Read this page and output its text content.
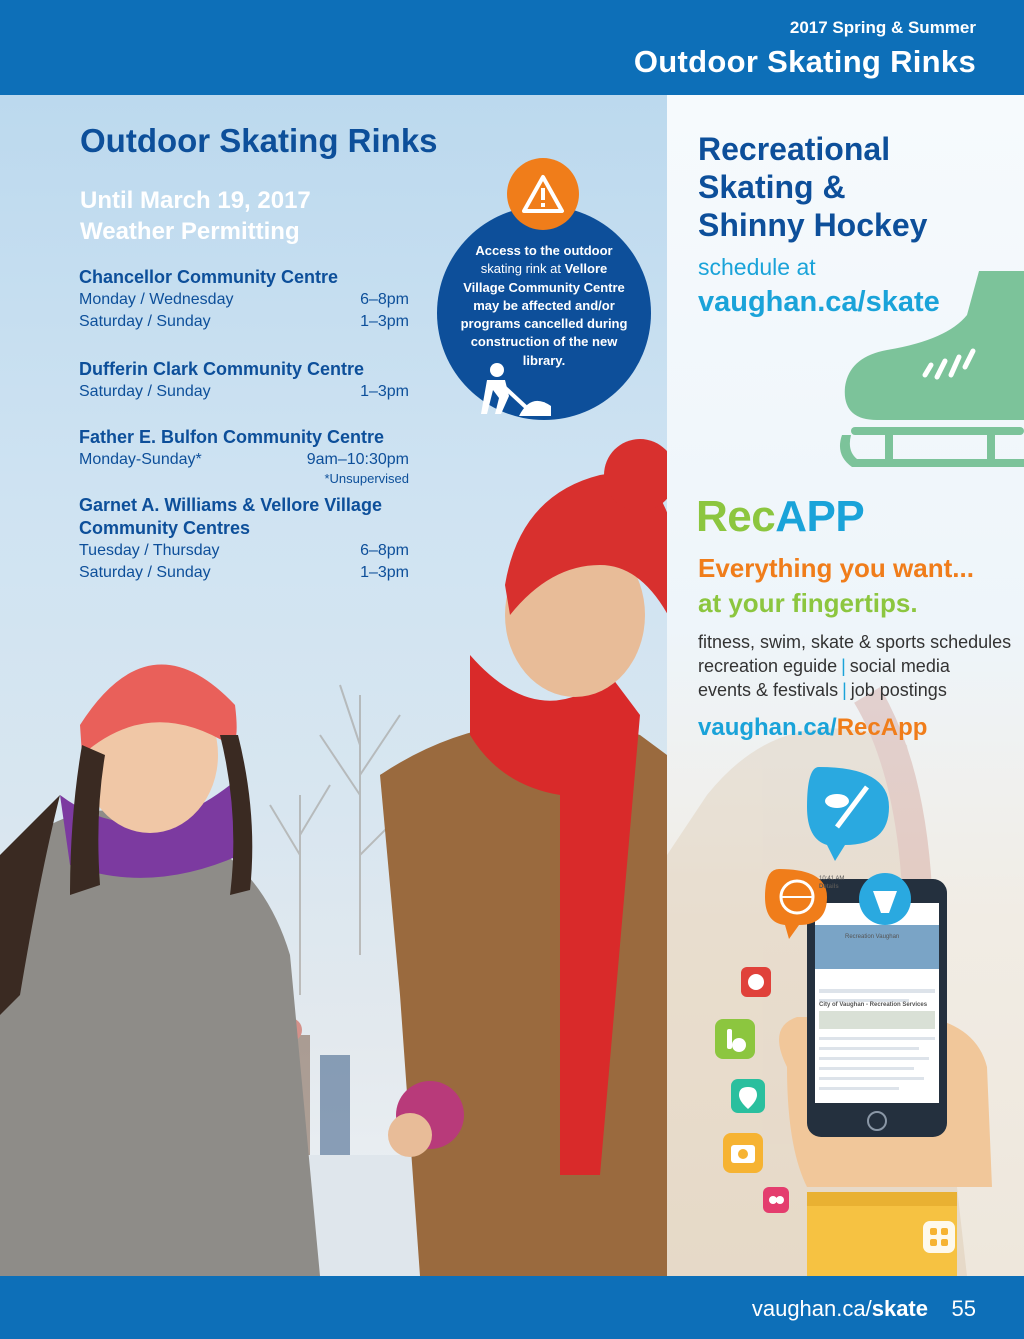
2017 Spring & Summer
Outdoor Skating Rinks
10:41 AM
Details
Recreation Vaughan
City of Vaughan - Recreation Services
Outdoor Skating Rinks
Until March 19, 2017
Weather Permitting
Chancellor Community Centre
Monday / Wednesday	6–8pm
Saturday / Sunday	1–3pm
Dufferin Clark Community Centre
Saturday / Sunday	1–3pm
Father E. Bulfon Community Centre
Monday-Sunday*	9am–10:30pm
*Unsupervised
Garnet A. Williams & Vellore Village
Community Centres
Tuesday / Thursday	6–8pm
Saturday / Sunday	1–3pm
Access to the outdoor
skating rink at Vellore
Village Community Centre
may be affected and/or
programs cancelled during
construction of the new
library.
Recreational
Skating &
Shinny Hockey
schedule at
vaughan.ca/skate
RecAPP
Everything you want...
at your fingertips.
fitness, swim, skate & sports schedules
recreation eguide | social media
events & festivals | job postings
vaughan.ca/RecApp
vaughan.ca/skate 55
